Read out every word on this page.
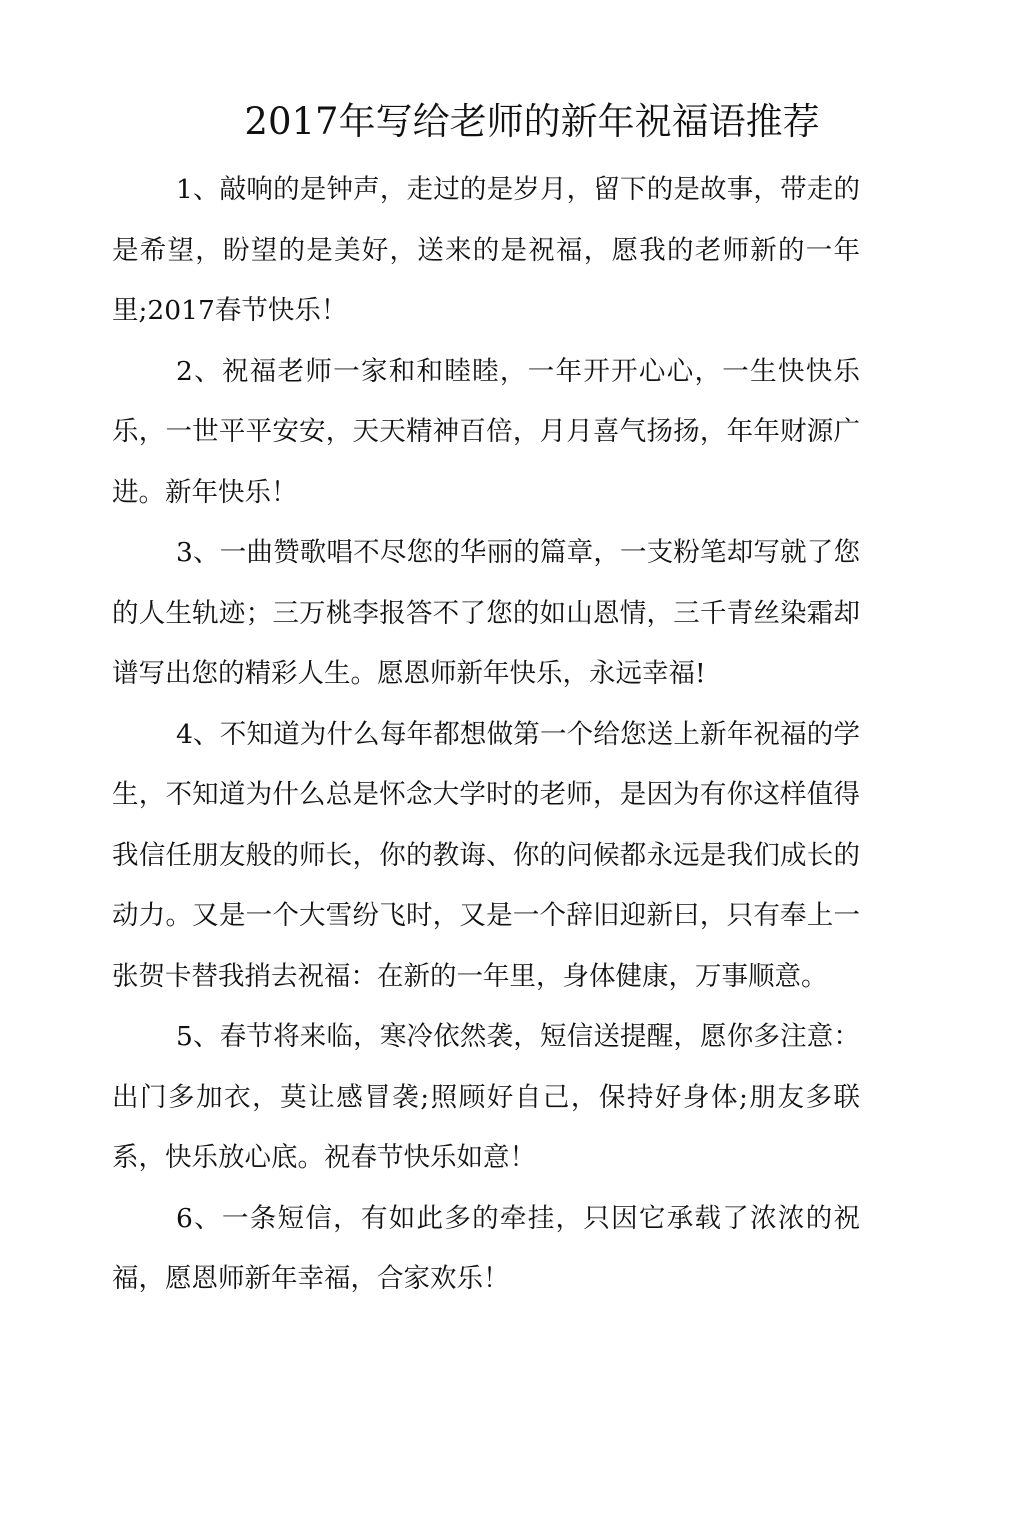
2017年写给老师的新年祝福语推荐

1、敲响的是钟声，走过的是岁月，留下的是故事，带走的是希望，盼望的是美好，送来的是祝福，愿我的老师新的一年里;2017春节快乐！

2、祝福老师一家和和睦睦，一年开开心心，一生快快乐乐，一世平平安安，天天精神百倍，月月喜气扬扬，年年财源广进。新年快乐！

3、一曲赞歌唱不尽您的华丽的篇章，一支粉笔却写就了您的人生轨迹；三万桃李报答不了您的如山恩情，三千青丝染霜却谱写出您的精彩人生。愿恩师新年快乐，永远幸福!

4、不知道为什么每年都想做第一个给您送上新年祝福的学生，不知道为什么总是怀念大学时的老师，是因为有你这样值得我信任朋友般的师长，你的教诲、你的问候都永远是我们成长的动力。又是一个大雪纷飞时，又是一个辞旧迎新曰，只有奉上一张贺卡替我捎去祝福：在新的一年里，身体健康，万事顺意。

5、春节将来临，寒冷依然袭，短信送提醒，愿你多注意：出门多加衣，莫让感冒袭;照顾好自己，保持好身体;朋友多联系，快乐放心底。祝春节快乐如意！

6、一条短信，有如此多的牵挂，只因它承载了浓浓的祝福，愿恩师新年幸福，合家欢乐！
